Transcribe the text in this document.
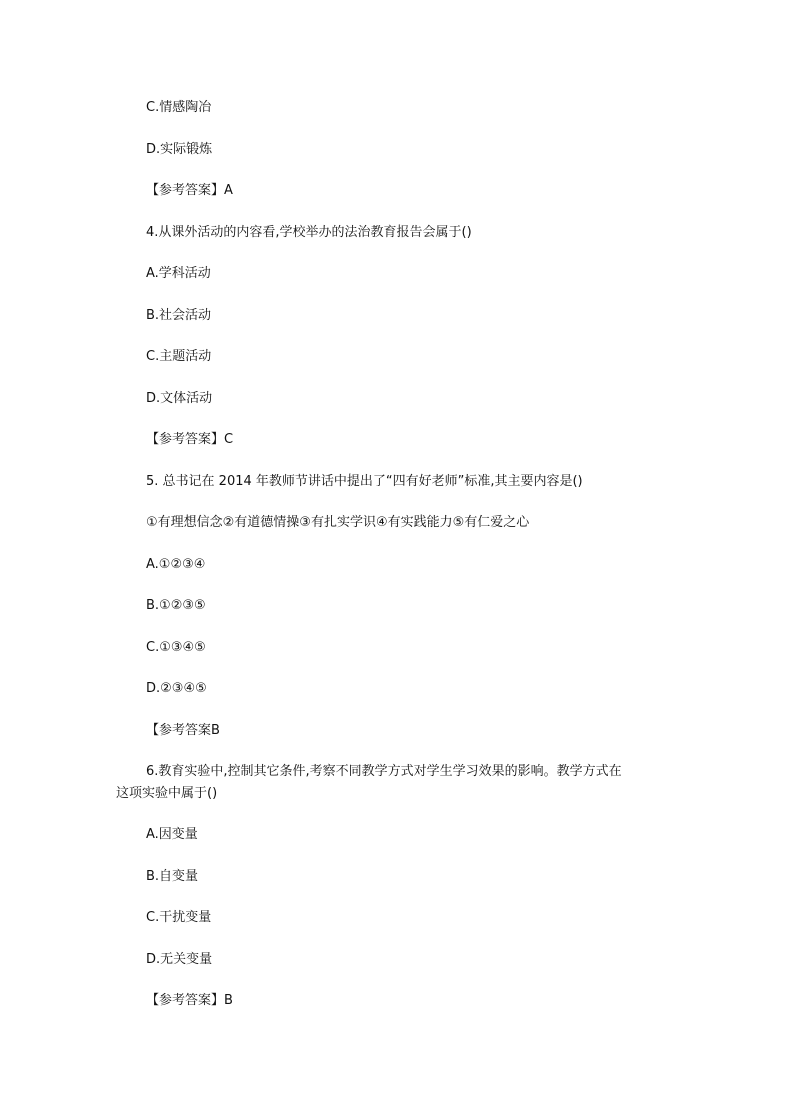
C.情感陶冶
D.实际锻炼
【参考答案】A
4.从课外活动的内容看,学校举办的法治教育报告会属于()
A.学科活动
B.社会活动
C.主题活动
D.文体活动
【参考答案】C
5. 总书记在 2014 年教师节讲话中提出了“四有好老师”标准,其主要内容是()
①有理想信念②有道德情操③有扎实学识④有实践能力⑤有仁爱之心
A.①②③④
B.①②③⑤
C.①③④⑤
D.②③④⑤
【参考答案B
6.教育实验中,控制其它条件,考察不同教学方式对学生学习效果的影响。教学方式在
这项实验中属于()
A.因变量
B.自变量
C.干扰变量
D.无关变量
【参考答案】B
